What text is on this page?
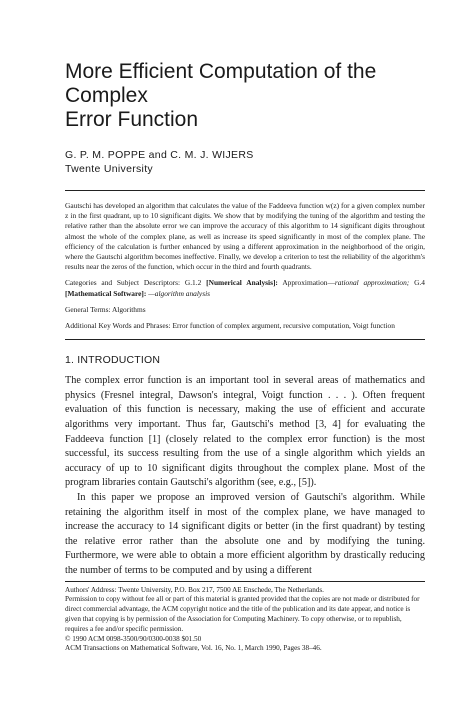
More Efficient Computation of the Complex
Error Function
G. P. M. POPPE and C. M. J. WIJERS
Twente University

Gautschi has developed an algorithm that calculates the value of the Faddeeva function w(z) for a given complex number z in the first quadrant, up to 10 significant digits. We show that by modifying the tuning of the algorithm and testing the relative rather than the absolute error we can improve the accuracy of this algorithm to 14 significant digits throughout almost the whole of the complex plane, as well as increase its speed significantly in most of the complex plane. The efficiency of the calculation is further enhanced by using a different approximation in the neighborhood of the origin, where the Gautschi algorithm becomes ineffective. Finally, we develop a criterion to test the reliability of the algorithm's results near the zeros of the function, which occur in the third and fourth quadrants.

Categories and Subject Descriptors: G.1.2 [Numerical Analysis]: Approximation—rational approximation; G.4 [Mathematical Software]: —algorithm analysis

General Terms: Algorithms

Additional Key Words and Phrases: Error function of complex argument, recursive computation, Voigt function

1. INTRODUCTION

The complex error function is an important tool in several areas of mathematics and physics (Fresnel integral, Dawson's integral, Voigt function . . . ). Often frequent evaluation of this function is necessary, making the use of efficient and accurate algorithms very important. Thus far, Gautschi's method [3, 4] for evaluating the Faddeeva function [1] (closely related to the complex error function) is the most successful, its success resulting from the use of a single algorithm which yields an accuracy of up to 10 significant digits throughout the complex plane. Most of the program libraries contain Gautschi's algorithm (see, e.g., [5]).

In this paper we propose an improved version of Gautschi's algorithm. While retaining the algorithm itself in most of the complex plane, we have managed to increase the accuracy to 14 significant digits or better (in the first quadrant) by testing the relative error rather than the absolute one and by modifying the tuning. Furthermore, we were able to obtain a more efficient algorithm by drastically reducing the number of terms to be computed and by using a different

Authors' Address: Twente University, P.O. Box 217, 7500 AE Enschede, The Netherlands.

Permission to copy without fee all or part of this material is granted provided that the copies are not made or distributed for direct commercial advantage, the ACM copyright notice and the title of the publication and its date appear, and notice is given that copying is by permission of the Association for Computing Machinery. To copy otherwise, or to republish, requires a fee and/or specific permission.

© 1990 ACM 0098-3500/90/0300-0038 $01.50

ACM Transactions on Mathematical Software, Vol. 16, No. 1, March 1990, Pages 38–46.
